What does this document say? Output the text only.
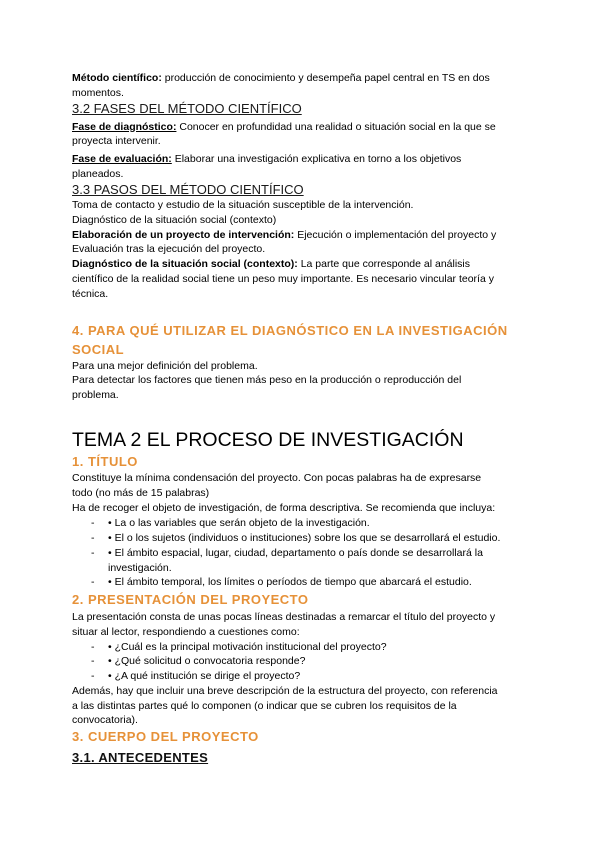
Método científico: producción de conocimiento y desempeña papel central en TS en dos
momentos.
3.2 FASES DEL MÉTODO CIENTÍFICO
Fase de diagnóstico: Conocer en profundidad una realidad o situación social en la que se
proyecta intervenir.
Fase de evaluación: Elaborar una investigación explicativa en torno a los objetivos
planeados.
3.3 PASOS DEL MÉTODO CIENTÍFICO
Toma de contacto y estudio de la situación susceptible de la intervención.
Diagnóstico de la situación social (contexto)
Elaboración de un proyecto de intervención: Ejecución o implementación del proyecto y
Evaluación tras la ejecución del proyecto.
Diagnóstico de la situación social (contexto): La parte que corresponde al análisis
científico de la realidad social tiene un peso muy importante. Es necesario vincular teoría y
técnica.
4. PARA QUÉ UTILIZAR EL DIAGNÓSTICO EN LA INVESTIGACIÓN
SOCIAL
Para una mejor definición del problema.
Para detectar los factores que tienen más peso en la producción o reproducción del
problema.
TEMA 2 EL PROCESO DE INVESTIGACIÓN
1. TÍTULO
Constituye la mínima condensación del proyecto. Con pocas palabras ha de expresarse
todo (no más de 15 palabras)
Ha de recoger el objeto de investigación, de forma descriptiva. Se recomienda que incluya:
- • La o las variables que serán objeto de la investigación.
- • El o los sujetos (individuos o instituciones) sobre los que se desarrollará el estudio.
- • El ámbito espacial, lugar, ciudad, departamento o país donde se desarrollará la
investigación.
- • El ámbito temporal, los límites o períodos de tiempo que abarcará el estudio.
2. PRESENTACIÓN DEL PROYECTO
La presentación consta de unas pocas líneas destinadas a remarcar el título del proyecto y
situar al lector, respondiendo a cuestiones como:
- • ¿Cuál es la principal motivación institucional del proyecto?
- • ¿Qué solicitud o convocatoria responde?
- • ¿A qué institución se dirige el proyecto?
Además, hay que incluir una breve descripción de la estructura del proyecto, con referencia
a las distintas partes qué lo componen (o indicar que se cubren los requisitos de la
convocatoria).
3. CUERPO DEL PROYECTO
3.1. ANTECEDENTES
